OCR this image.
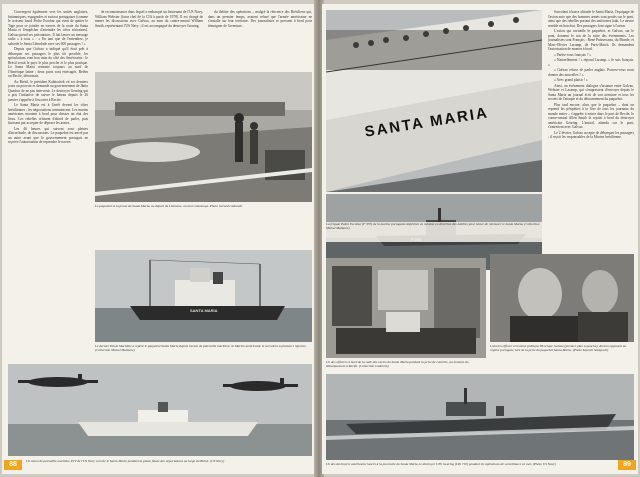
Convergent également vers les unités anglaises, britanniques, espagnoles et surtout portugaises (comme le croiseur lourd Pedro Escobar qui vient de quitter le Tage pour se joindre en travers de la route du Santa Maria et l'empêcher d'atteindre les côtes africaines). Galvao prend ses précautions. Il fait lancer un message radio « à tous » : « En tant que de l'entendrez, je saborde le Santa Liberdade avec ses 600 passagers ! »

Depuis que Galvao a indiqué qu'il était prêt à débarquer ses passagers le plus tôt possible, les spéculations vont bon train du côté des Américains : le Brésil serait le pays le plus proche et le plus pratique. Le Santa Maria remonte toujours au nord de l'Amérique latine ; deux ports sont envisagés, Belém ou Recife, désormais.

Au Brésil, le président Kubitschek vit ses derniers jours au pouvoir et demande au gouvernement de Jânio Quadros de ne pas intervenir. Le destroyer Gearing qui a pris l'initiative de suivre le bateau depuis le 26 janvier s'apprête à l'escorter à Recife.

Le Santa Maria est à l'arrêt devant les côtes brésiliennes ; les négociations commencent. Les marins américains montent à bord pour dresser un état des lieux. Les rebelles refusent d'abord de parler, puis finissent par accepter de déposer les armes.

Les 46 heures qui suivent sont pleines d'incertitude, de discussions. Le paquebot est ancré par un autre avant que le gouvernement portugais ne reçoive l'autorisation de reprendre le navire.

de reconnaissance dans lequel a embarqué un lieutenant de l'US Navy, William Webster (futur chef de la CIA à partir de 1978). Il est chargé de mener les discussions avec Galvao, au nom du contre-amiral William Smith, représentant l'US Navy ; il est accompagné du destroyer Gearing.

du théâtre des opérations – malgré la réticence des Brésiliens qui, dans un premier temps, avaient refusé que l'armée américaine ne s'installe sur leur territoire. Des journalistes se pressent à bord pour témoigner de l'aventure.

Le paquebot et la proue du Santa Maria, au départ de Lisbonne, où tout commença. Photo Gérard Cadoreth
SANTA MARIA
Le dernier Pilote Maritime a repéré le paquebot Santa Maria depuis l'avion de patrouille maritime; la Marine américaine le survolera à plusieurs reprises. (Collection Michel Maliarez)
Un avion de patrouille maritime P2V de l'US Navy survole le Santa Maria pendant la phase finale des négociations au large du Brésil. (US Navy)
88
SANTA MARIA

Survolant à basse altitude le Santa Maria, l'équipage de l'avion note que des hommes armés sont postés sur le pont, ainsi que des rebelles portant des uniformes kaki. Le navire semble en bon état. Des passagers font signe à l'avion.

L'avion qui ravitaille le paquebot, et Galvao, sur le pont, donnent le ton de la suite des événements. Les journalistes sont Français : René Puissesseau, du Monde, et Marc-Olivier Lacamp, de Paris-Match. Ils demandent l'autorisation de monter à bord.

« Parlez-vous français ? »

« Naturellement ! » répond Lacamp. « Je suis français. »

« Galvao refuse de parler anglais. Pouvez-vous nous donner des nouvelles ? »

« Avec grand plaisir ! »

Ainsi, un événement dialogue s'instaure entre Galvao, Webster et Lacamp, qui s'empressent d'envoyer depuis le Santa Maria un journal écrit de son aventure et tous les secrets de l'attaque et du détournement du paquebot.

Plus tard encore, alors que le paquebot – dont on reprend les péripéties à la Une de tous les journaux du monde entier – s'apprête à entrer dans le port de Recife, le contre-amiral Allen Smith le rejoint à bord du destroyer américain Gearing. L'amiral, attendu sur le pont, s'entretient avec Galvao.

Le 2 février, Galvao accepte de débarquer les passagers ; il reçoit les responsables de la Marine brésilienne.

La frégate Pedro Escobar (F 335) de la marine portugaise dépêchée en mission en direction des Antilles pour tenter de retrouver le Santa Maria. (Collection Michel Maliarez)
Un des officiers à bord de la salle des cartes du Santa Maria pendant la prise de contrôle, au moment du débarquement à Recife. (Collection Caderoth)
L'ancien officier et homme politique Henrique Galvao (premier plan à gauche), devenu opposant au régime portugais, lors de la prise du paquebot Santa Maria. (Photo Kiyoshi Sekiguchi)
Un des destroyers américains lancés à la poursuite du Santa Maria, le destroyer USS Gearing (DD 710) pendant les opérations de surveillance en mer. (Photo US Navy)	89
